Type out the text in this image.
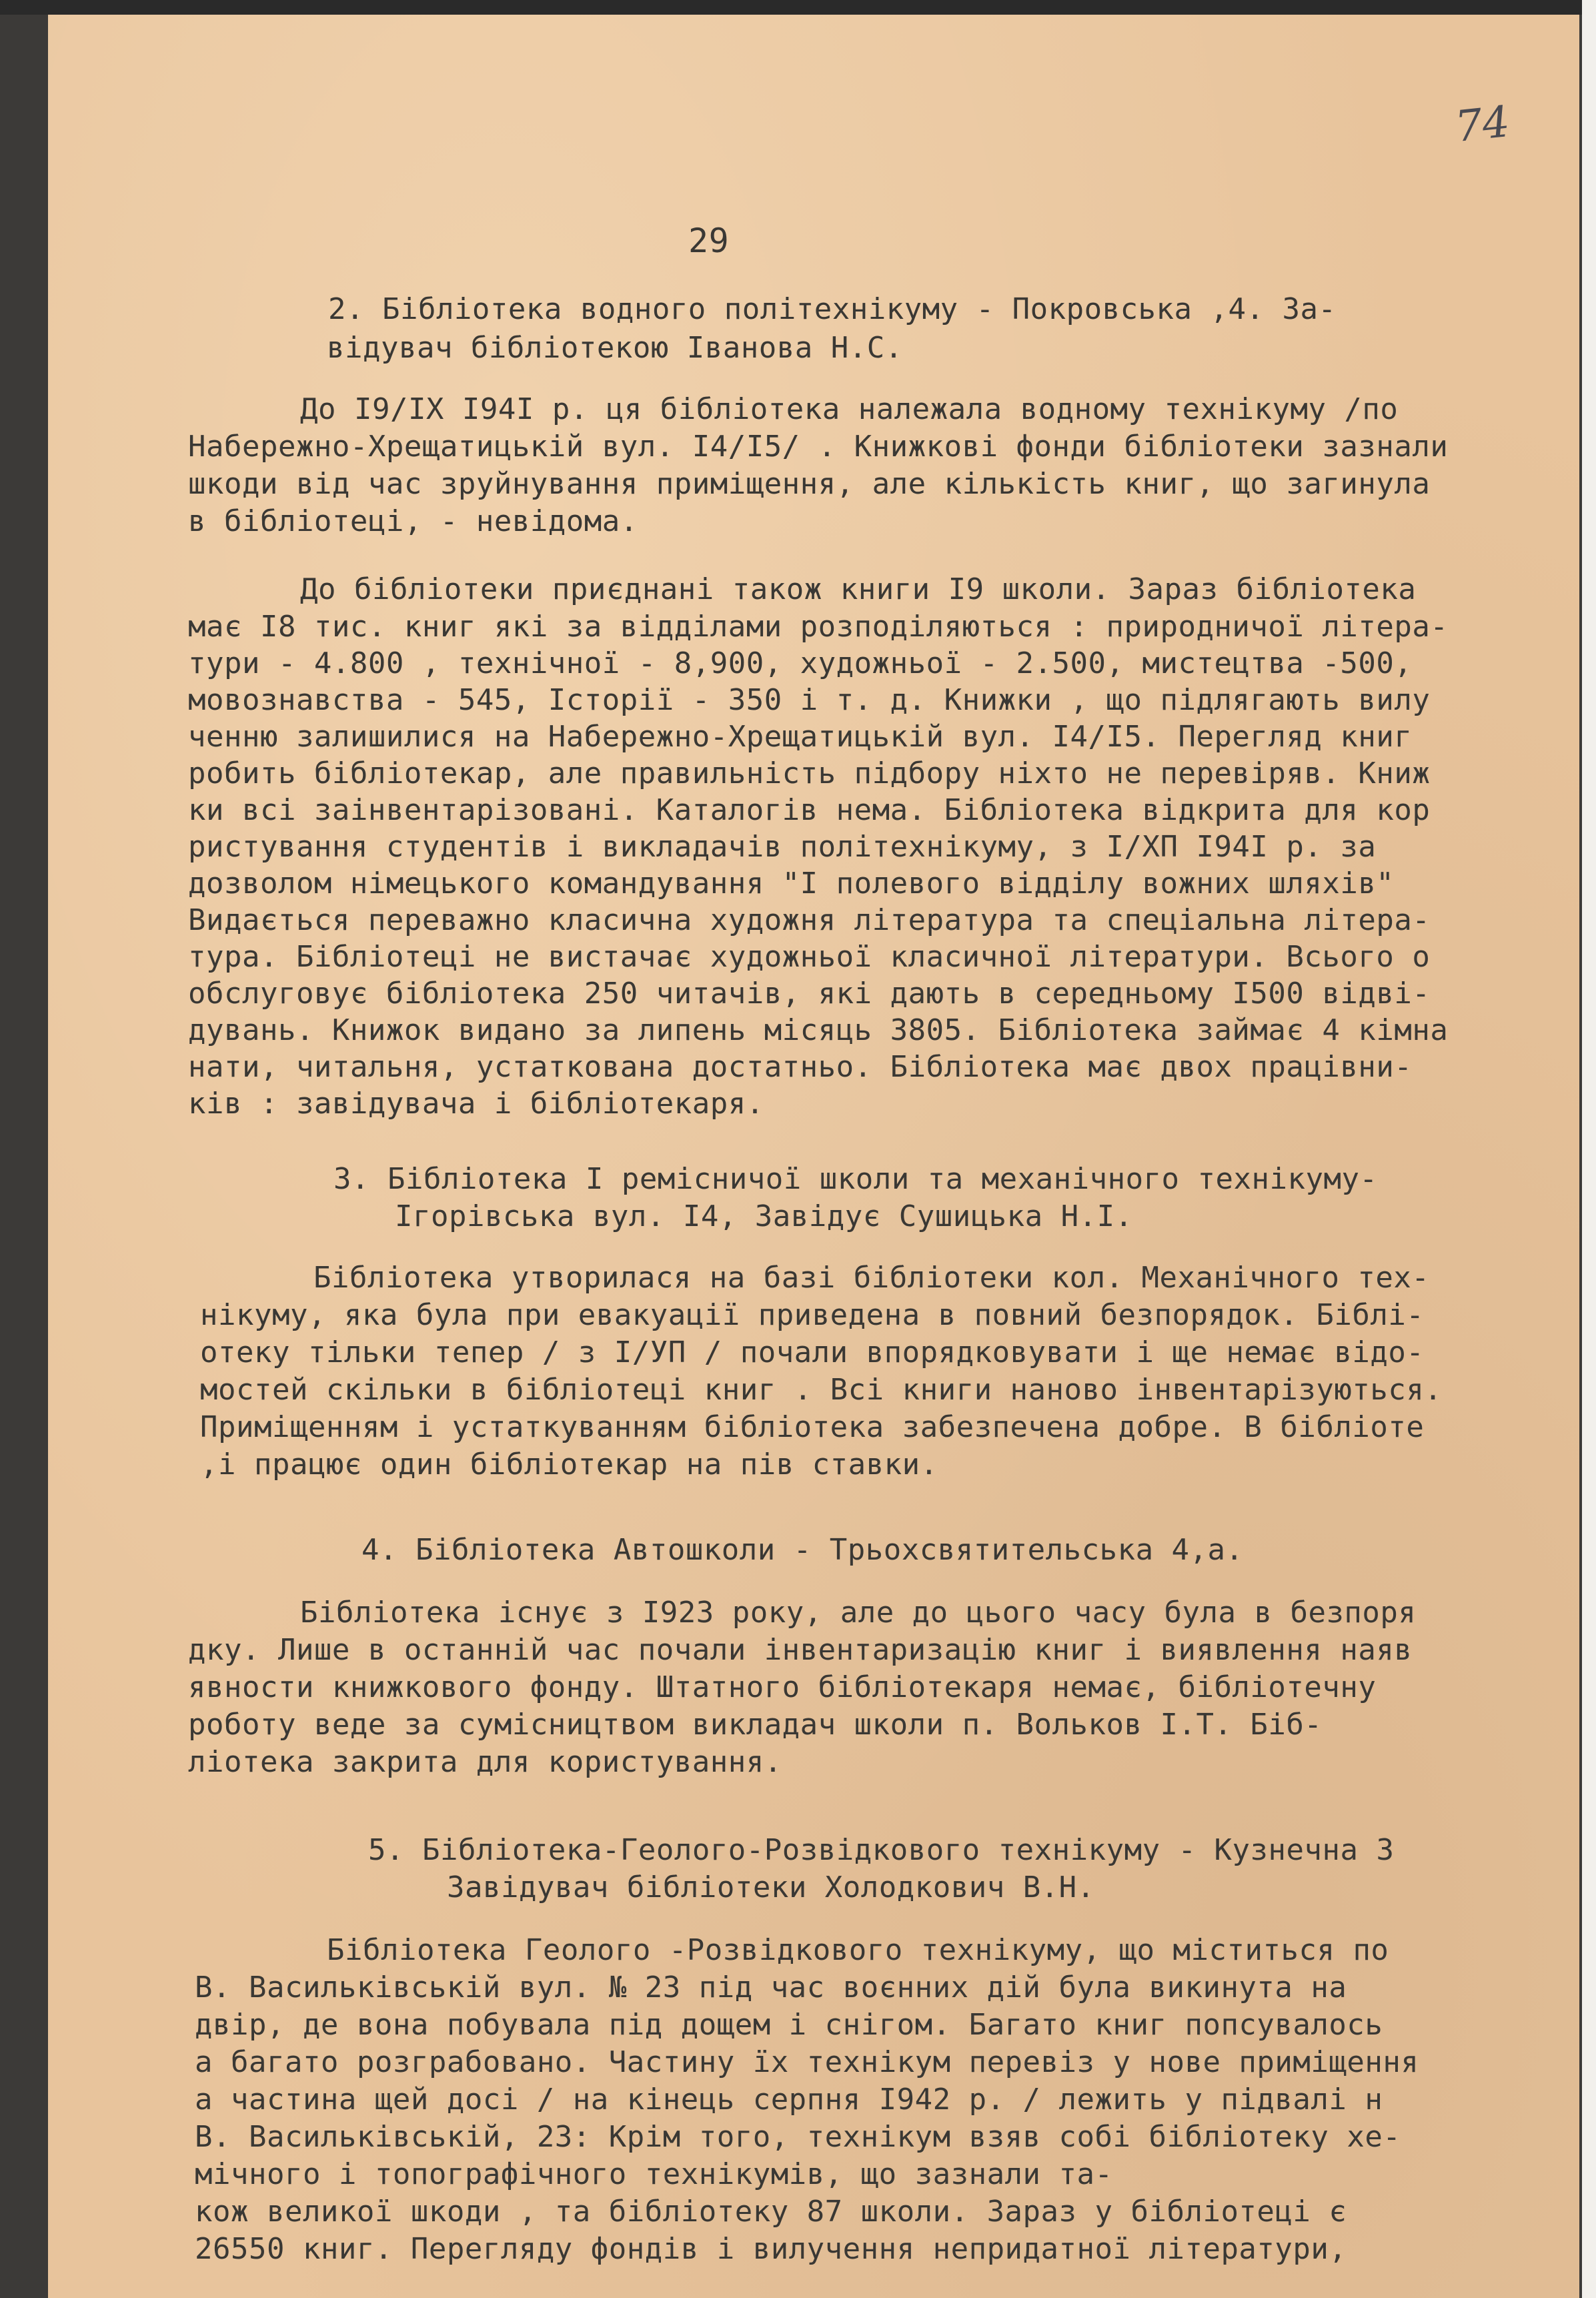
74
29
2. Бібліотека водного політехнікуму - Покровська ,4. За-
відувач бібліотекою Іванова Н.С.
До І9/ІХ І94І р. ця бібліотека належала водному технікуму /по
Набережно-Хрещатицькій вул. І4/І5/ . Книжкові фонди бібліотеки зазнали
шкоди від час зруйнування приміщення, але кількість книг, що загинула
в бібліотеці, - невідома.
До бібліотеки приєднані також книги І9 школи. Зараз бібліотека
має І8 тис. книг які за відділами розподіляються : природничої літера-
тури - 4.800 , технічної - 8,900, художньої - 2.500, мистецтва -500,
мовознавства - 545, Історії - 350 і т. д. Книжки , що підлягають вилу
ченню залишилися на Набережно-Хрещатицькій вул. І4/І5. Перегляд книг
робить бібліотекар, але правильність підбору ніхто не перевіряв. Книж
ки всі заінвентарізовані. Каталогів нема. Бібліотека відкрита для кор
ристування студентів і викладачів політехнікуму, з І/ХП І94І р. за
дозволом німецького командування "І полевого відділу вожних шляхів"
Видається переважно класична художня література та спеціальна літера-
тура. Бібліотеці не вистачає художньої класичної літератури. Всього о
обслуговує бібліотека 250 читачів, які дають в середньому І500 відві-
дувань. Книжок видано за липень місяць 3805. Бібліотека займає 4 кімна
нати, читальня, устаткована достатньо. Бібліотека має двох працівни-
ків : завідувача і бібліотекаря.
3. Бібліотека І ремісничої школи та механічного технікуму-
Ігорівська вул. І4, Завідує Сушицька Н.І.
Бібліотека утворилася на базі бібліотеки кол. Механічного тех-
нікуму, яка була при евакуації приведена в повний безпорядок. Біблі-
отеку тільки тепер / з І/УП / почали впорядковувати і ще немає відо-
мостей скільки в бібліотеці книг . Всі книги наново інвентарізуються.
Приміщенням і устаткуванням бібліотека забезпечена добре. В бібліоте
,і працює один бібліотекар на пів ставки.
4. Бібліотека Автошколи - Трьохсвятительська 4,а.
Бібліотека існує з І923 року, але до цього часу була в безпоря
дку. Лише в останній час почали інвентаризацію книг і виявлення наяв
явности книжкового фонду. Штатного бібліотекаря немає, бібліотечну
роботу веде за сумісництвом викладач школи п. Вольков І.Т. Біб-
ліотека закрита для користування.
5. Бібліотека-Геолого-Розвідкового технікуму - Кузнечна 3
Завідувач бібліотеки Холодкович В.Н.
Бібліотека Геолого -Розвідкового технікуму, що міститься по
В. Васильківській вул. № 23 під час воєнних дій була викинута на
двір, де вона побувала під дощем і снігом. Багато книг попсувалось
а багато розграбовано. Частину їх технікум перевіз у нове приміщення
а частина щей досі / на кінець серпня І942 р. / лежить у підвалі н
В. Васильківській, 23: Крім того, технікум взяв собі бібліотеку хе-
мічного і топографічного технікумів, що зазнали та-
кож великої шкоди , та бібліотеку 87 школи. Зараз у бібліотеці є
26550 книг. Перегляду фондів і вилучення непридатної літератури,
